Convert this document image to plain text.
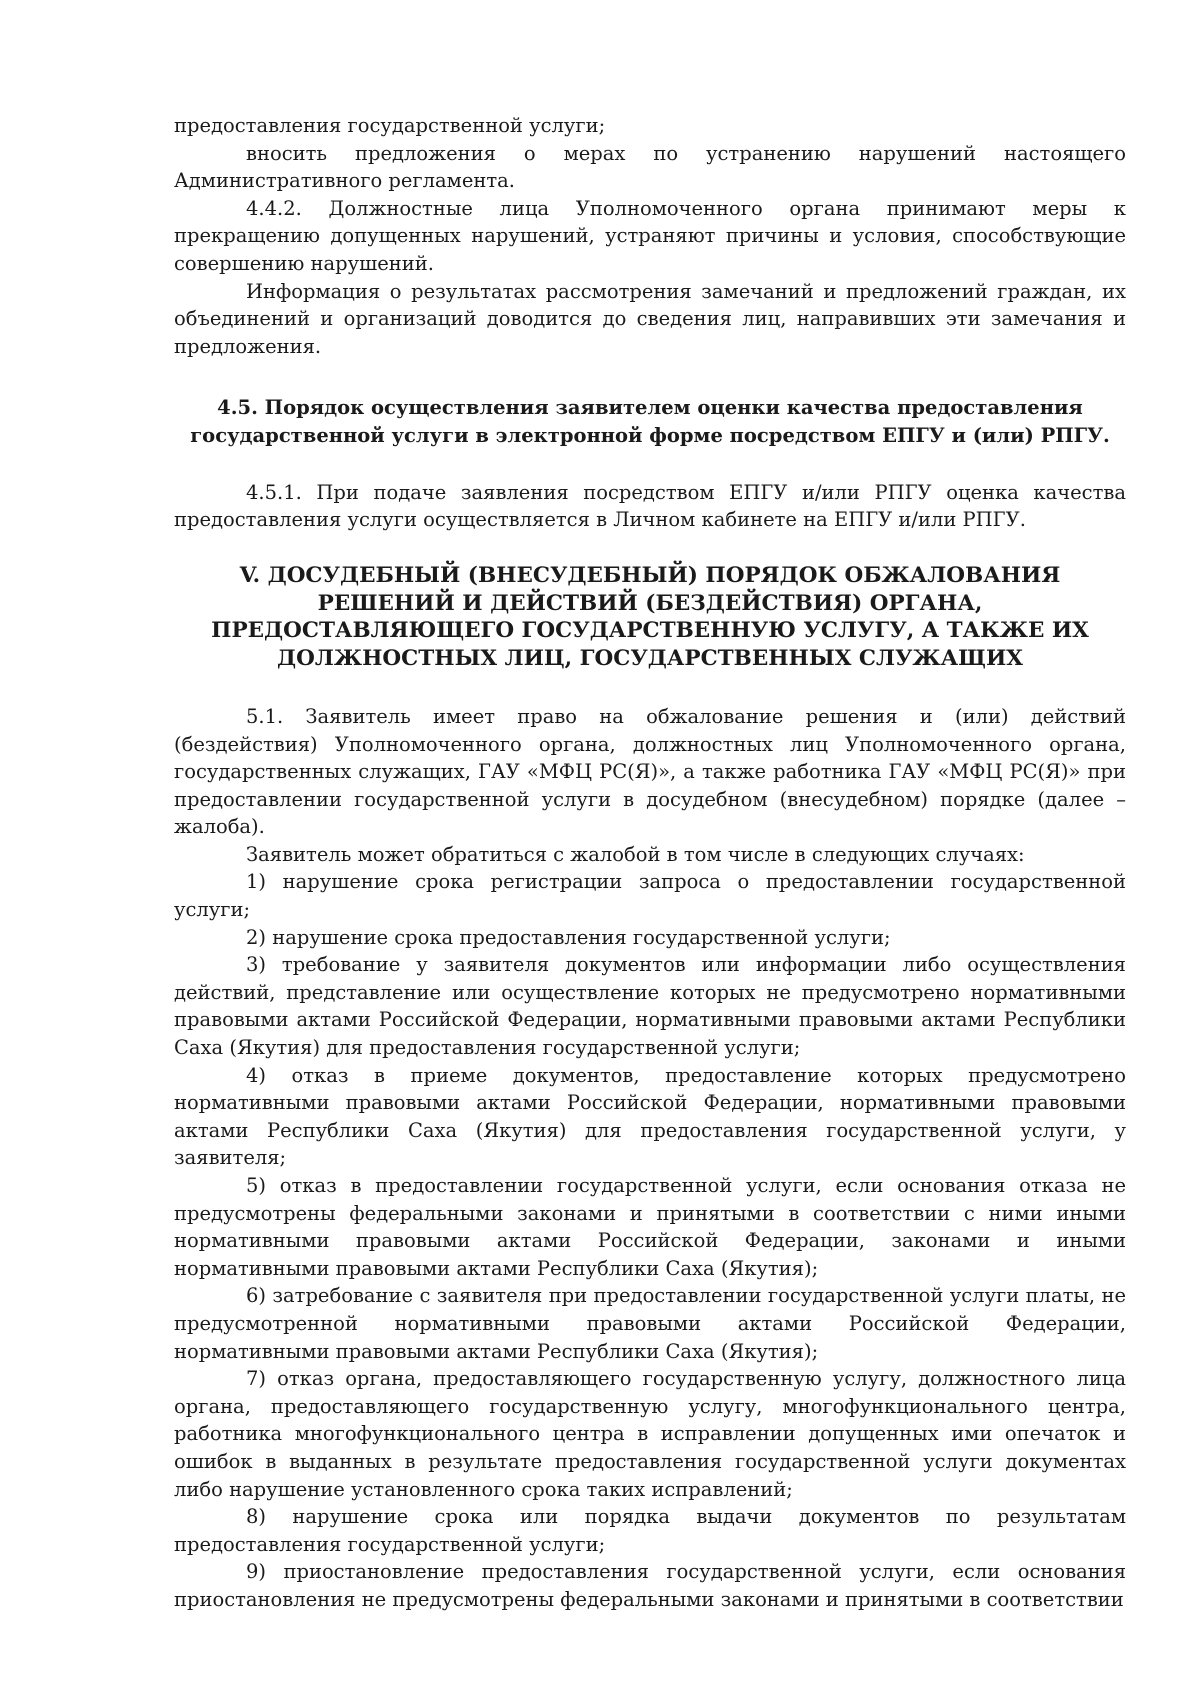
предоставления государственной услуги;

вносить предложения о мерах по устранению нарушений настоящего Административного регламента.

4.4.2. Должностные лица Уполномоченного органа принимают меры к прекращению допущенных нарушений, устраняют причины и условия, способствующие совершению нарушений.

Информация о результатах рассмотрения замечаний и предложений граждан, их объединений и организаций доводится до сведения лиц, направивших эти замечания и предложения.

4.5. Порядок осуществления заявителем оценки качества предоставления государственной услуги в электронной форме посредством ЕПГУ и (или) РПГУ.

4.5.1. При подаче заявления посредством ЕПГУ и/или РПГУ оценка качества предоставления услуги осуществляется в Личном кабинете на ЕПГУ и/или РПГУ.

V. ДОСУДЕБНЫЙ (ВНЕСУДЕБНЫЙ) ПОРЯДОК ОБЖАЛОВАНИЯ РЕШЕНИЙ И ДЕЙСТВИЙ (БЕЗДЕЙСТВИЯ) ОРГАНА, ПРЕДОСТАВЛЯЮЩЕГО ГОСУДАРСТВЕННУЮ УСЛУГУ, А ТАКЖЕ ИХ ДОЛЖНОСТНЫХ ЛИЦ, ГОСУДАРСТВЕННЫХ СЛУЖАЩИХ

5.1. Заявитель имеет право на обжалование решения и (или) действий (бездействия) Уполномоченного органа, должностных лиц Уполномоченного органа, государственных служащих, ГАУ «МФЦ РС(Я)», а также работника ГАУ «МФЦ РС(Я)» при предоставлении государственной услуги в досудебном (внесудебном) порядке (далее – жалоба).

Заявитель может обратиться с жалобой в том числе в следующих случаях:

1) нарушение срока регистрации запроса о предоставлении государственной услуги;

2) нарушение срока предоставления государственной услуги;

3) требование у заявителя документов или информации либо осуществления действий, представление или осуществление которых не предусмотрено нормативными правовыми актами Российской Федерации, нормативными правовыми актами Республики Саха (Якутия) для предоставления государственной услуги;

4) отказ в приеме документов, предоставление которых предусмотрено нормативными правовыми актами Российской Федерации, нормативными правовыми актами Республики Саха (Якутия) для предоставления государственной услуги, у заявителя;

5) отказ в предоставлении государственной услуги, если основания отказа не предусмотрены федеральными законами и принятыми в соответствии с ними иными нормативными правовыми актами Российской Федерации, законами и иными нормативными правовыми актами Республики Саха (Якутия);

6) затребование с заявителя при предоставлении государственной услуги платы, не предусмотренной нормативными правовыми актами Российской Федерации, нормативными правовыми актами Республики Саха (Якутия);

7) отказ органа, предоставляющего государственную услугу, должностного лица органа, предоставляющего государственную услугу, многофункционального центра, работника многофункционального центра в исправлении допущенных ими опечаток и ошибок в выданных в результате предоставления государственной услуги документах либо нарушение установленного срока таких исправлений;

8) нарушение срока или порядка выдачи документов по результатам предоставления государственной услуги;

9) приостановление предоставления государственной услуги, если основания приостановления не предусмотрены федеральными законами и принятыми в соответствии
